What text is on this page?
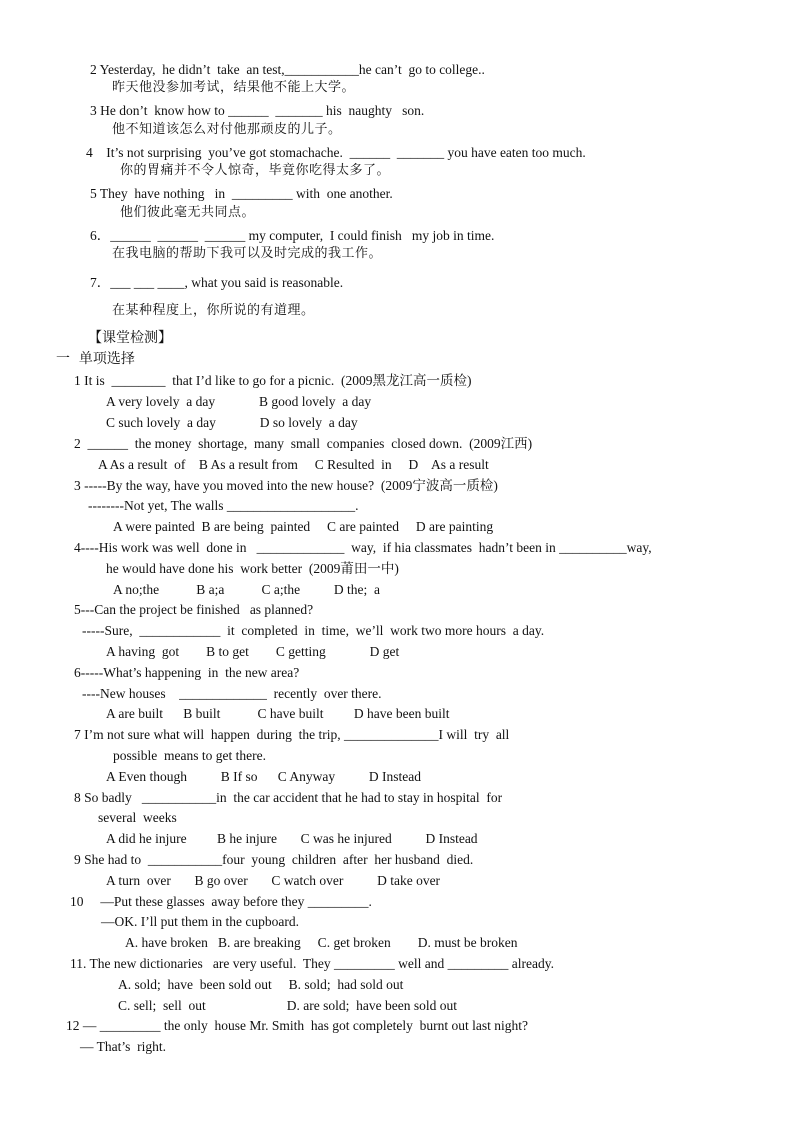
2 Yesterday,  he didn’t  take  an test,___________he can’t  go to college..
昨天他没参加考试，结果他不能上大学。
3 He don’t  know how to ______  _______ his  naughty   son.
他不知道该怎么对付他那顽皮的儿子。
4    It’s not surprising  you’ve got stomachache.  ______  _______ you have eaten too much.
你的胃痛并不令人惊奇，毕竟你吃得太多了。
5 They  have nothing   in  _________ with  one another.
他们彼此毫无共同点。
6．______  ______  ______ my computer,  I could finish   my job in time.
在我电脑的帮助下我可以及时完成的我工作。
7．___ ___ ____, what you said is reasonable.
在某种程度上，你所说的有道理。
【课堂检测】
一  单项选择
1 It is  ________  that I’d like to go for a picnic.  (2009黑龙江高一质检)
A very lovely  a day             B good lovely  a day
C such lovely  a day             D so lovely  a day
2  ______  the money  shortage,  many  small  companies  closed down.  (2009江西)
A As a result  of    B As a result from     C Resulted  in     D    As a result
3 -----By the way, have you moved into the new house?  (2009宁波高一质检)
--------Not yet, The walls ___________________.
A were painted  B are being  painted     C are painted     D are painting
4----His work was well  done in   _____________  way,  if hia classmates  hadn’t been in __________way,
he would have done his  work better  (2009莆田一中)
A no;the           B a;a           C a;the          D the;  a
5---Can the project be finished   as planned?
-----Sure,  ____________  it  completed  in  time,  we’ll  work two more hours  a day.
A having  got        B to get        C getting             D get
6-----What’s happening  in  the new area?
----New houses    _____________  recently  over there.
A are built      B built           C have built         D have been built
7 I’m not sure what will  happen  during  the trip, ______________I will  try  all
possible  means to get there.
A Even though          B If so      C Anyway          D Instead
8 So badly   ___________in  the car accident that he had to stay in hospital  for
several  weeks
A did he injure         B he injure       C was he injured          D Instead
9 She had to  ___________four  young  children  after  her husband  died.
A turn  over       B go over       C watch over          D take over
10     —Put these glasses  away before they _________.
—OK. I’ll put them in the cupboard.
A. have broken   B. are breaking     C. get broken        D. must be broken
11. The new dictionaries   are very useful.  They _________ well and _________ already.
A. sold;  have  been sold out     B. sold;  had sold out
C. sell;  sell  out                        D. are sold;  have been sold out
12 — _________ the only  house Mr. Smith  has got completely  burnt out last night?
— That’s  right.
